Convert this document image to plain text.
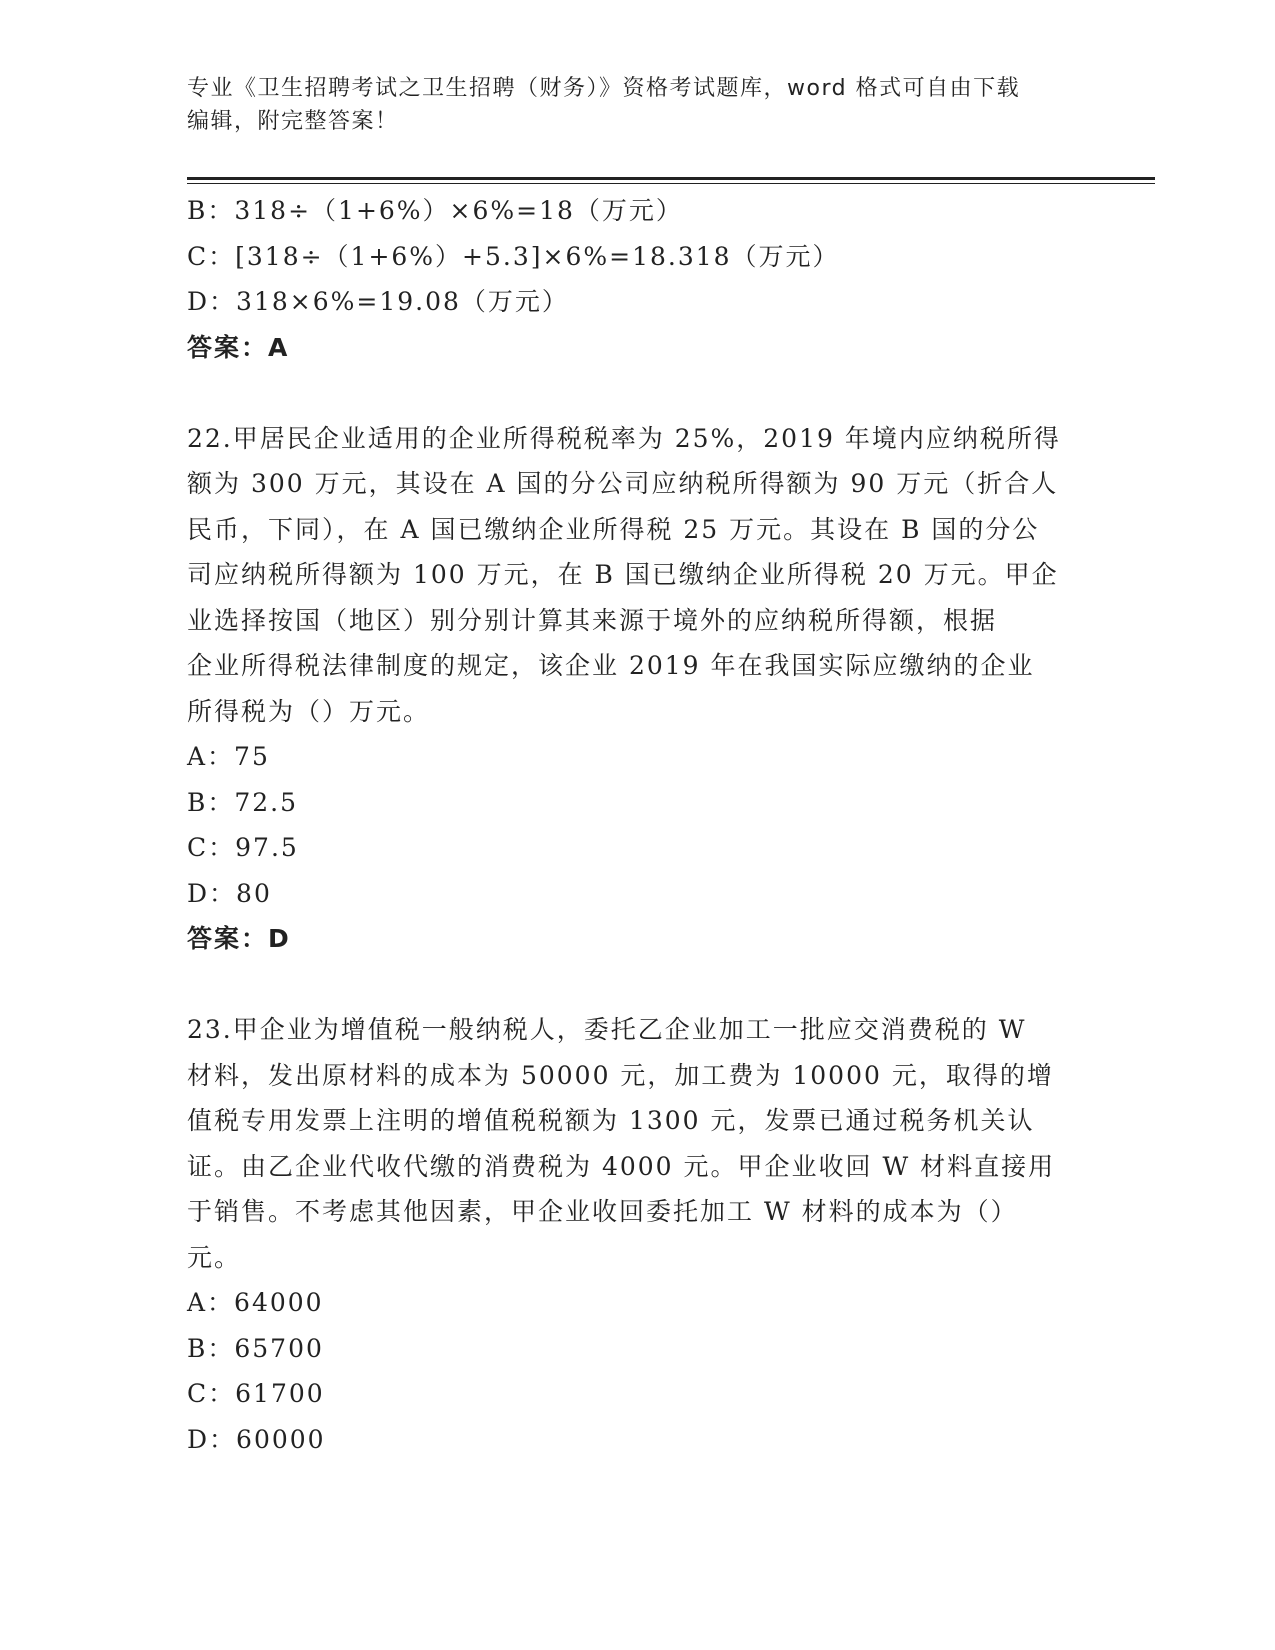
专业《卫生招聘考试之卫生招聘（财务）》资格考试题库，word 格式可自由下载
编辑，附完整答案！

B：318÷（1+6%）×6%=18（万元）

C：[318÷（1+6%）+5.3]×6%=18.318（万元）

D：318×6%=19.08（万元）

答案：A

22.甲居民企业适用的企业所得税税率为 25%，2019 年境内应纳税所得

额为 300 万元，其设在 A 国的分公司应纳税所得额为 90 万元（折合人

民币，下同），在 A 国已缴纳企业所得税 25 万元。其设在 B 国的分公

司应纳税所得额为 100 万元，在 B 国已缴纳企业所得税 20 万元。甲企

业选择按国（地区）别分别计算其来源于境外的应纳税所得额，根据

企业所得税法律制度的规定，该企业 2019 年在我国实际应缴纳的企业

所得税为（）万元。

A：75

B：72.5

C：97.5

D：80

答案：D

23.甲企业为增值税一般纳税人，委托乙企业加工一批应交消费税的 W

材料，发出原材料的成本为 50000 元，加工费为 10000 元，取得的增

值税专用发票上注明的增值税税额为 1300 元，发票已通过税务机关认

证。由乙企业代收代缴的消费税为 4000 元。甲企业收回 W 材料直接用

于销售。不考虑其他因素，甲企业收回委托加工 W 材料的成本为（）

元。

A：64000

B：65700

C：61700

D：60000
